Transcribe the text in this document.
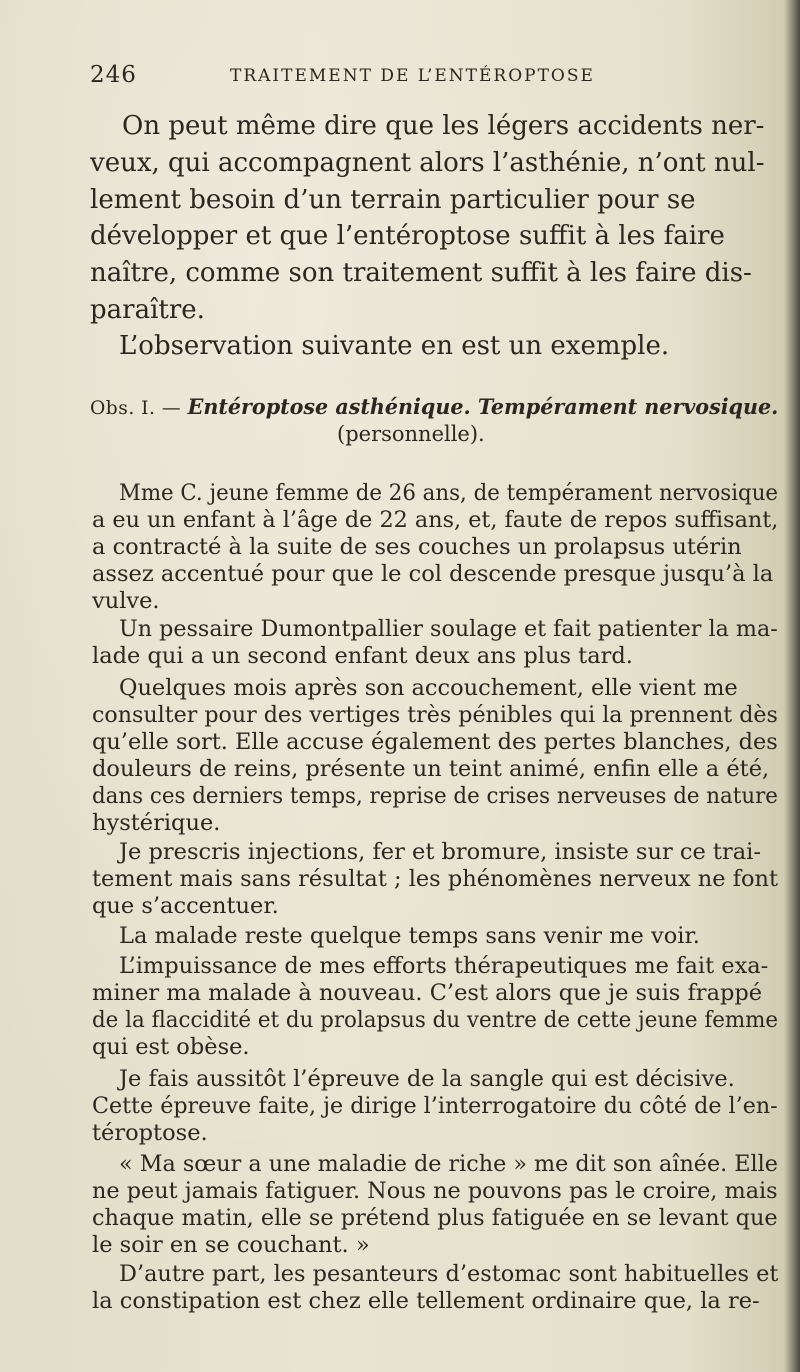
246	TRAITEMENT DE L’ENTÉROPTOSE
On peut même dire que les légers accidents ner-
veux, qui accompagnent alors l’asthénie, n’ont nul-
lement besoin d’un terrain particulier pour se
développer et que l’entéroptose suffit à les faire
naître, comme son traitement suffit à les faire dis-
paraître.
L’observation suivante en est un exemple.
Obs. I. — Entéroptose asthénique. Tempérament nervosique.
(personnelle).
Mme C. jeune femme de 26 ans, de tempérament nervosique
a eu un enfant à l’âge de 22 ans, et, faute de repos suffisant,
a contracté à la suite de ses couches un prolapsus utérin
assez accentué pour que le col descende presque jusqu’à la
vulve.
Un pessaire Dumontpallier soulage et fait patienter la ma-
lade qui a un second enfant deux ans plus tard.
Quelques mois après son accouchement, elle vient me
consulter pour des vertiges très pénibles qui la prennent dès
qu’elle sort. Elle accuse également des pertes blanches, des
douleurs de reins, présente un teint animé, enfin elle a été,
dans ces derniers temps, reprise de crises nerveuses de nature
hystérique.
Je prescris injections, fer et bromure, insiste sur ce trai-
tement mais sans résultat ; les phénomènes nerveux ne font
que s’accentuer.
La malade reste quelque temps sans venir me voir.
L’impuissance de mes efforts thérapeutiques me fait exa-
miner ma malade à nouveau. C’est alors que je suis frappé
de la flaccidité et du prolapsus du ventre de cette jeune femme
qui est obèse.
Je fais aussitôt l’épreuve de la sangle qui est décisive.
Cette épreuve faite, je dirige l’interrogatoire du côté de l’en-
téroptose.
« Ma sœur a une maladie de riche » me dit son aînée. Elle
ne peut jamais fatiguer. Nous ne pouvons pas le croire, mais
chaque matin, elle se prétend plus fatiguée en se levant que
le soir en se couchant. »
D’autre part, les pesanteurs d’estomac sont habituelles et
la constipation est chez elle tellement ordinaire que, la re-
